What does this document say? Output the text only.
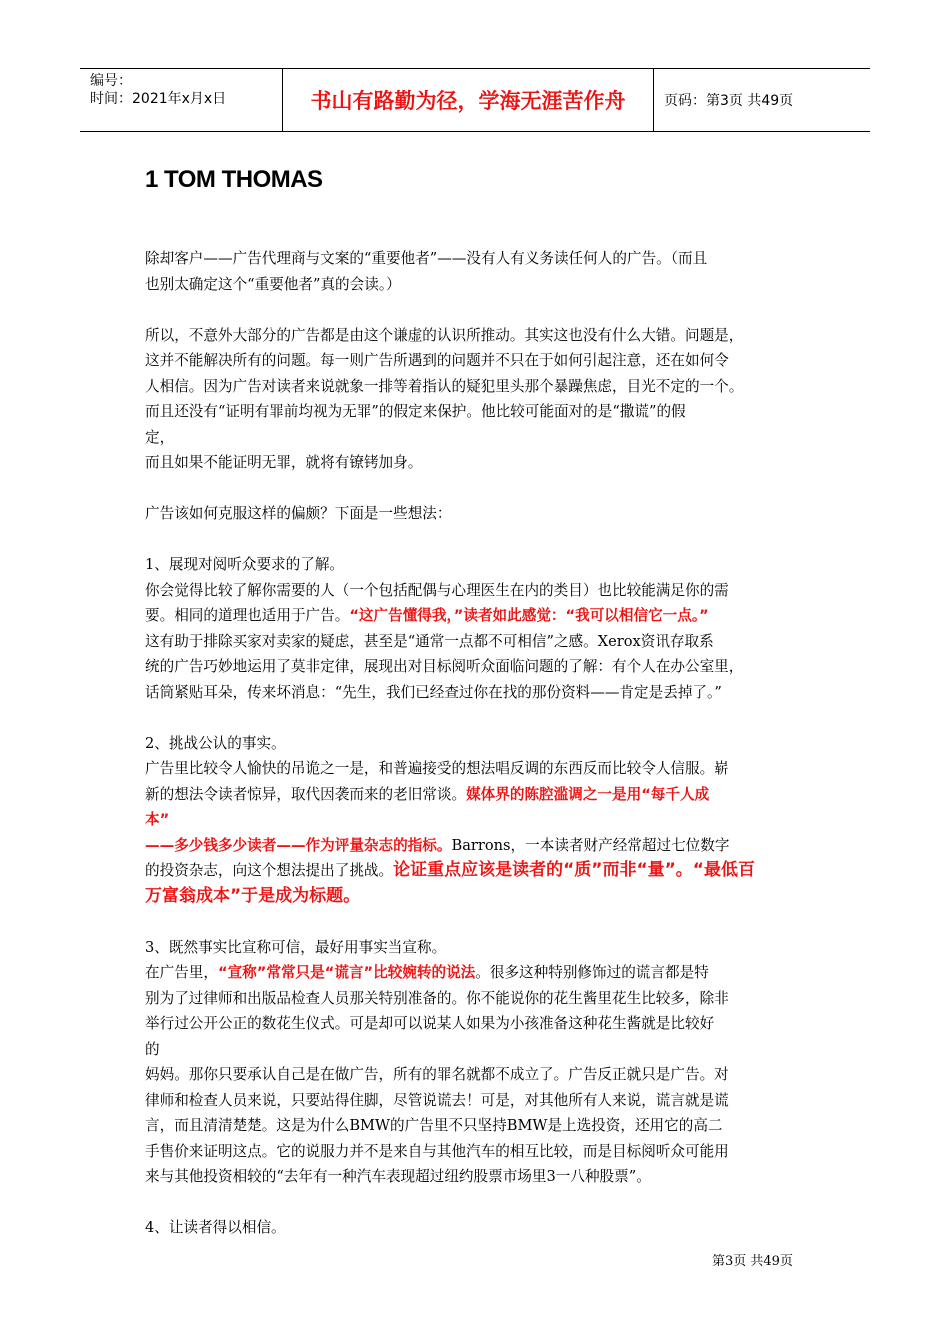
编号：
时间：2021年x月x日	书山有路勤为径，学海无涯苦作舟	页码：第3页 共49页
1 TOM THOMAS

除却客户——广告代理商与文案的“重要他者”——没有人有义务读任何人的广告。（而且
也别太确定这个“重要他者”真的会读。）

所以，不意外大部分的广告都是由这个谦虚的认识所推动。其实这也没有什么大错。问题是，
这并不能解决所有的问题。每一则广告所遇到的问题并不只在于如何引起注意，还在如何令
人相信。因为广告对读者来说就象一排等着指认的疑犯里头那个暴躁焦虑，目光不定的一个。
而且还没有“证明有罪前均视为无罪”的假定来保护。他比较可能面对的是“撒谎”的假
定，
而且如果不能证明无罪，就将有镣铐加身。

广告该如何克服这样的偏颇？下面是一些想法：

1、展现对阅听众要求的了解。
你会觉得比较了解你需要的人（一个包括配偶与心理医生在内的类目）也比较能满足你的需
要。相同的道理也适用于广告。“这广告懂得我，”读者如此感觉：“我可以相信它一点。”
这有助于排除买家对卖家的疑虑，甚至是“通常一点都不可相信”之感。Xerox资讯存取系
统的广告巧妙地运用了莫非定律，展现出对目标阅听众面临问题的了解：有个人在办公室里，
话筒紧贴耳朵，传来坏消息：“先生，我们已经查过你在找的那份资料——肯定是丢掉了。”

2、挑战公认的事实。
广告里比较令人愉快的吊诡之一是，和普遍接受的想法唱反调的东西反而比较令人信服。崭
新的想法令读者惊异，取代因袭而来的老旧常谈。媒体界的陈腔滥调之一是用“每千人成
本”
——多少钱多少读者——作为评量杂志的指标。Barrons，一本读者财产经常超过七位数字
的投资杂志，向这个想法提出了挑战。论证重点应该是读者的“质”而非“量”。“最低百
万富翁成本”于是成为标题。

3、既然事实比宣称可信，最好用事实当宣称。
在广告里，“宣称”常常只是“谎言”比较婉转的说法。很多这种特别修饰过的谎言都是特
别为了过律师和出版品检查人员那关特别准备的。你不能说你的花生酱里花生比较多，除非
举行过公开公正的数花生仪式。可是却可以说某人如果为小孩准备这种花生酱就是比较好
的
妈妈。那你只要承认自己是在做广告，所有的罪名就都不成立了。广告反正就只是广告。对
律师和检查人员来说，只要站得住脚，尽管说谎去！可是，对其他所有人来说，谎言就是谎
言，而且清清楚楚。这是为什么BMW的广告里不只坚持BMW是上选投资，还用它的高二
手售价来证明这点。它的说服力并不是来自与其他汽车的相互比较，而是目标阅听众可能用
来与其他投资相较的“去年有一种汽车表现超过纽约股票市场里3一八种股票”。

4、让读者得以相信。

第3页 共49页
